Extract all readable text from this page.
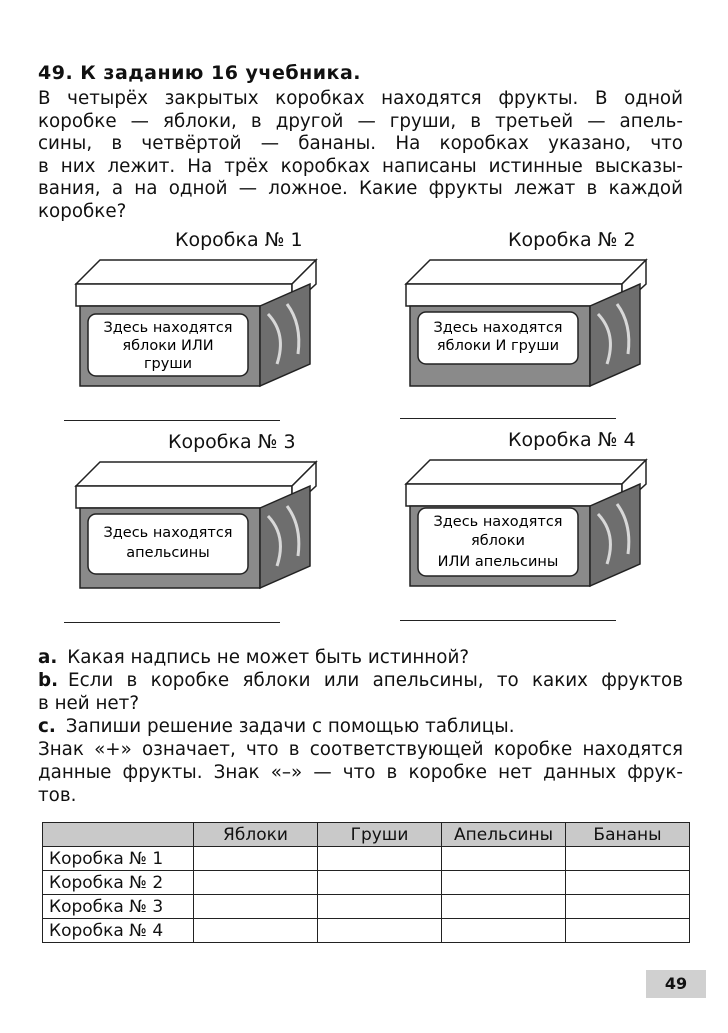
49. К заданию 16 учебника.

В четырёх закрытых коробках находятся фрукты. В одной

коробке — яблоки, в другой — груши, в третьей — апель-

сины, в четвёртой — бананы. На коробках указано, что

в них лежит. На трёх коробках написаны истинные высказы-

вания, а на одной — ложное. Какие фрукты лежат в каждой

коробке?

Коробка № 1
Здесь находятся
яблоки ИЛИ
груши
Коробка № 2
Здесь находятся
яблоки И груши
Коробка № 3
Здесь находятся
апельсины
Коробка № 4
Здесь находятся
яблоки
ИЛИ апельсины

a. Какая надпись не может быть истинной?

b. Если в коробке яблоки или апельсины, то каких фруктов

в ней нет?

c. Запиши решение задачи с помощью таблицы.

Знак «+» означает, что в соответствующей коробке находятся

данные фрукты. Знак «–» — что в коробке нет данных фрук-

тов.

	Яблоки	Груши	Апельсины	Бананы
Коробка № 1				
Коробка № 2				
Коробка № 3				
Коробка № 4				
49
